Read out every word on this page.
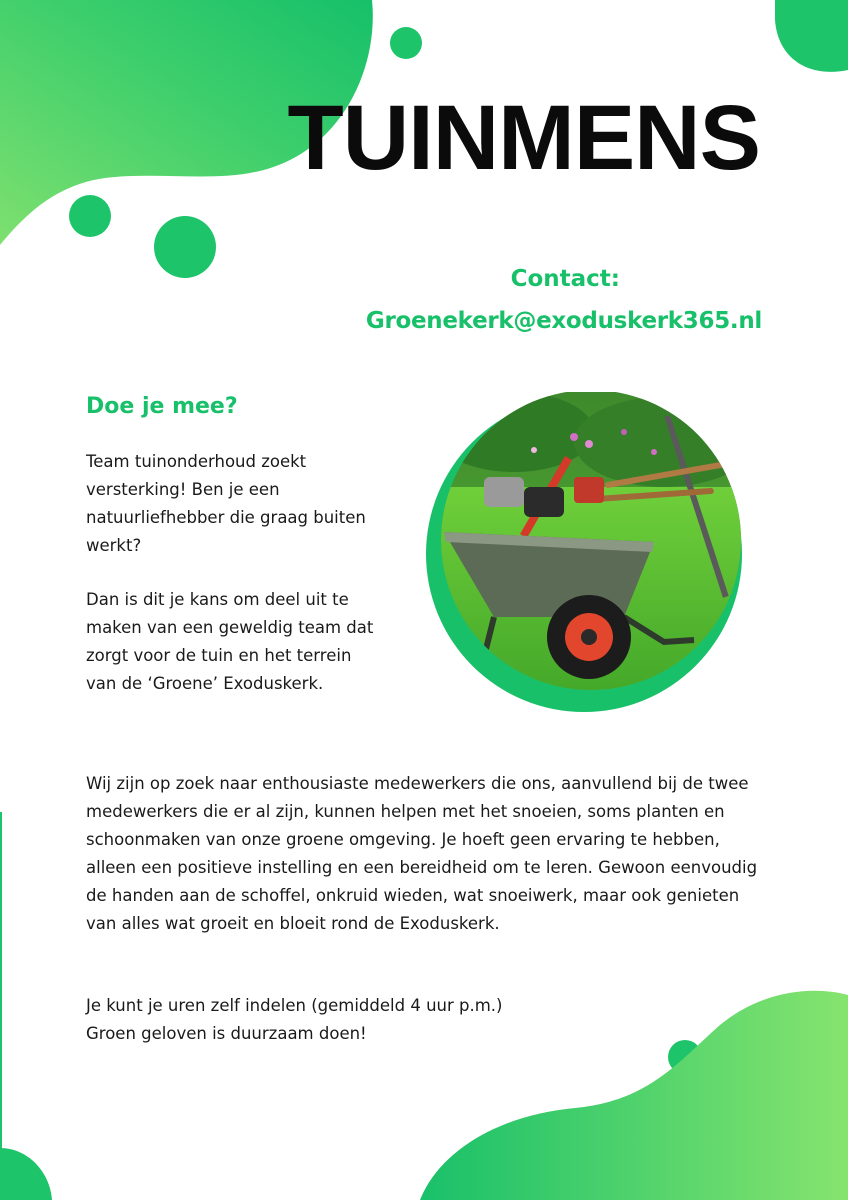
TUINMENS
Contact:
Groenekerk@exoduskerk365.nl
Doe je mee?

Team tuinonderhoud zoekt versterking! Ben je een natuurliefhebber die graag buiten werkt?

Dan is dit je kans om deel uit te maken van een geweldig team dat zorgt voor de tuin en het terrein van de ‘Groene’ Exoduskerk.

Wij zijn op zoek naar enthousiaste medewerkers die ons, aanvullend bij de twee medewerkers die er al zijn, kunnen helpen met het snoeien, soms planten en schoonmaken van onze groene omgeving. Je hoeft geen ervaring te hebben, alleen een positieve instelling en een bereidheid om te leren. Gewoon eenvoudig de handen aan de schoffel, onkruid wieden, wat snoeiwerk, maar ook genieten van alles wat groeit en bloeit rond de Exoduskerk.

Je kunt je uren zelf indelen (gemiddeld 4 uur p.m.)
Groen geloven is duurzaam doen!
